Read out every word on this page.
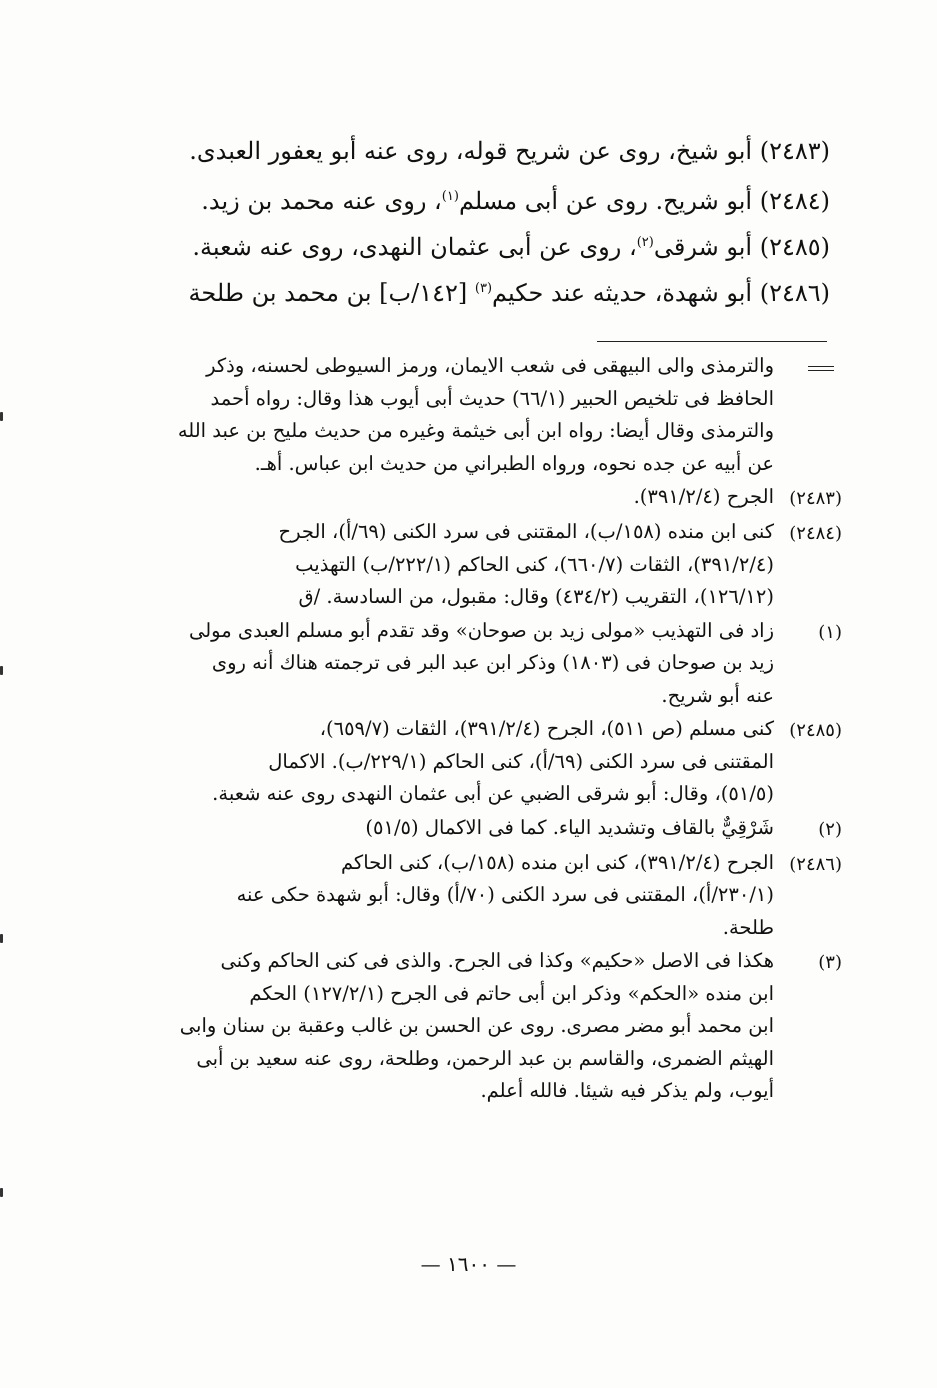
(٢٤٨٣) أبو شيخ، روى عن شريح قوله، روى عنه أبو يعفور العبدى.
(٢٤٨٤) أبو شريح. روى عن أبى مسلم$^{(١)}$، روى عنه محمد بن زيد.
(٢٤٨٥) أبو شرقى$^{(٢)}$، روى عن أبى عثمان النهدى، روى عنه شعبة.
(٢٤٨٦) أبو شهدة، حديثه عند حكيم$^{(٣)}$ [١٤٢/ب] بن محمد بن طلحة

والترمذى والى البيهقى فى شعب الايمان، ورمز السيوطى لحسنه، وذكر

الحافظ فى تلخيص الحبير (٦٦/١) حديث أبى أيوب هذا وقال: رواه أحمد

والترمذى وقال أيضا: رواه ابن أبى خيثمة وغيره من حديث مليح بن عبد الله

عن أبيه عن جده نحوه، ورواه الطبراني من حديث ابن عباس. أهـ.

(٢٤٨٣)

الجرح (٣٩١/٢/٤).

(٢٤٨٤)

كنى ابن منده (١٥٨/ب)، المقتنى فى سرد الكنى (٦٩/أ)، الجرح

(٣٩١/٢/٤)، الثقات (٦٦٠/٧)، كنى الحاكم (٢٢٢/١/ب) التهذيب

(١٢٦/١٢)، التقريب (٤٣٤/٢) وقال: مقبول، من السادسة. /ق

(١)

زاد فى التهذيب «مولى زيد بن صوحان» وقد تقدم أبو مسلم العبدى مولى

زيد بن صوحان فى (١٨٠٣) وذكر ابن عبد البر فى ترجمته هناك أنه روى

عنه أبو شريح.

(٢٤٨٥)

كنى مسلم (ص ٥١١)، الجرح (٣٩١/٢/٤)، الثقات (٦٥٩/٧)،

المقتنى فى سرد الكنى (٦٩/أ)، كنى الحاكم (٢٢٩/١/ب). الاكمال

(٥١/٥)، وقال: أبو شرقى الضبي عن أبى عثمان النهدى روى عنه شعبة.

(٢)

شَرْقِيٌّ بالقاف وتشديد الياء. كما فى الاكمال (٥١/٥)

(٢٤٨٦)

الجرح (٣٩١/٢/٤)، كنى ابن منده (١٥٨/ب)، كنى الحاكم

(٢٣٠/١/أ)، المقتنى فى سرد الكنى (٧٠/أ) وقال: أبو شهدة حكى عنه

طلحة.

(٣)

هكذا فى الاصل «حكيم» وكذا فى الجرح. والذى فى كنى الحاكم وكنى

ابن منده «الحكم» وذكر ابن أبى حاتم فى الجرح (١٢٧/٢/١) الحكم

ابن محمد أبو مضر مصرى. روى عن الحسن بن غالب وعقبة بن سنان وابى

الهيثم الضمرى، والقاسم بن عبد الرحمن، وطلحة، روى عنه سعيد بن أبى

أيوب، ولم يذكر فيه شيئا. فالله أعلم.

— ١٦٠٠ —
